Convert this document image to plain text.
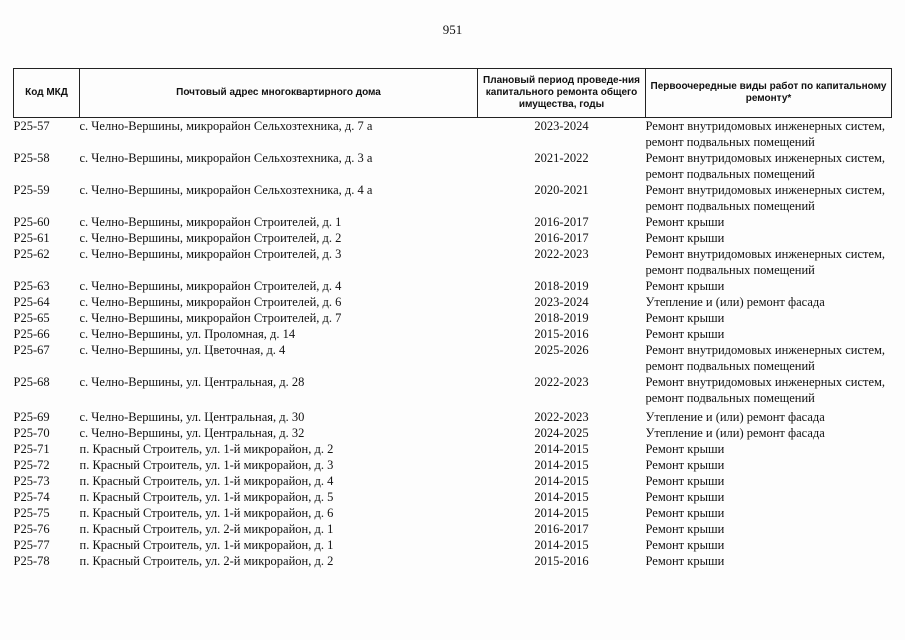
951
Код МКД	Почтовый адрес многоквартирного дома	Плановый период проведе-ния капитального ремонта общего имущества, годы	Первоочередные виды работ по капитальному ремонту*
Р25-57	с. Челно-Вершины, микрорайон Сельхозтехника, д. 7 а	2023-2024	Ремонт внутридомовых инженерных систем,
ремонт подвальных помещений

Р25-58	с. Челно-Вершины, микрорайон Сельхозтехника, д. 3 а	2021-2022	Ремонт внутридомовых инженерных систем,
ремонт подвальных помещений

Р25-59	с. Челно-Вершины, микрорайон Сельхозтехника, д. 4 а	2020-2021	Ремонт внутридомовых инженерных систем,
ремонт подвальных помещений

Р25-60	с. Челно-Вершины, микрорайон Строителей, д. 1	2016-2017	Ремонт крыши

Р25-61	с. Челно-Вершины, микрорайон Строителей, д. 2	2016-2017	Ремонт крыши

Р25-62	с. Челно-Вершины, микрорайон Строителей, д. 3	2022-2023	Ремонт внутридомовых инженерных систем,
ремонт подвальных помещений

Р25-63	с. Челно-Вершины, микрорайон Строителей, д. 4	2018-2019	Ремонт крыши

Р25-64	с. Челно-Вершины, микрорайон Строителей, д. 6	2023-2024	Утепление и (или) ремонт фасада

Р25-65	с. Челно-Вершины, микрорайон Строителей, д. 7	2018-2019	Ремонт крыши

Р25-66	с. Челно-Вершины, ул. Проломная, д. 14	2015-2016	Ремонт крыши

Р25-67	с. Челно-Вершины, ул. Цветочная, д. 4	2025-2026	Ремонт внутридомовых инженерных систем,
ремонт подвальных помещений

Р25-68	с. Челно-Вершины, ул. Центральная, д. 28	2022-2023	Ремонт внутридомовых инженерных систем,
ремонт подвальных помещений

Р25-69	с. Челно-Вершины, ул. Центральная, д. 30	2022-2023	Утепление и (или) ремонт фасада

Р25-70	с. Челно-Вершины, ул. Центральная, д. 32	2024-2025	Утепление и (или) ремонт фасада

Р25-71	п. Красный Строитель, ул. 1-й микрорайон, д. 2	2014-2015	Ремонт крыши

Р25-72	п. Красный Строитель, ул. 1-й микрорайон, д. 3	2014-2015	Ремонт крыши

Р25-73	п. Красный Строитель, ул. 1-й микрорайон, д. 4	2014-2015	Ремонт крыши

Р25-74	п. Красный Строитель, ул. 1-й микрорайон, д. 5	2014-2015	Ремонт крыши

Р25-75	п. Красный Строитель, ул. 1-й микрорайон, д. 6	2014-2015	Ремонт крыши

Р25-76	п. Красный Строитель, ул. 2-й микрорайон, д. 1	2016-2017	Ремонт крыши

Р25-77	п. Красный Строитель, ул. 1-й микрорайон, д. 1	2014-2015	Ремонт крыши

Р25-78	п. Красный Строитель, ул. 2-й микрорайон, д. 2	2015-2016	Ремонт крыши
